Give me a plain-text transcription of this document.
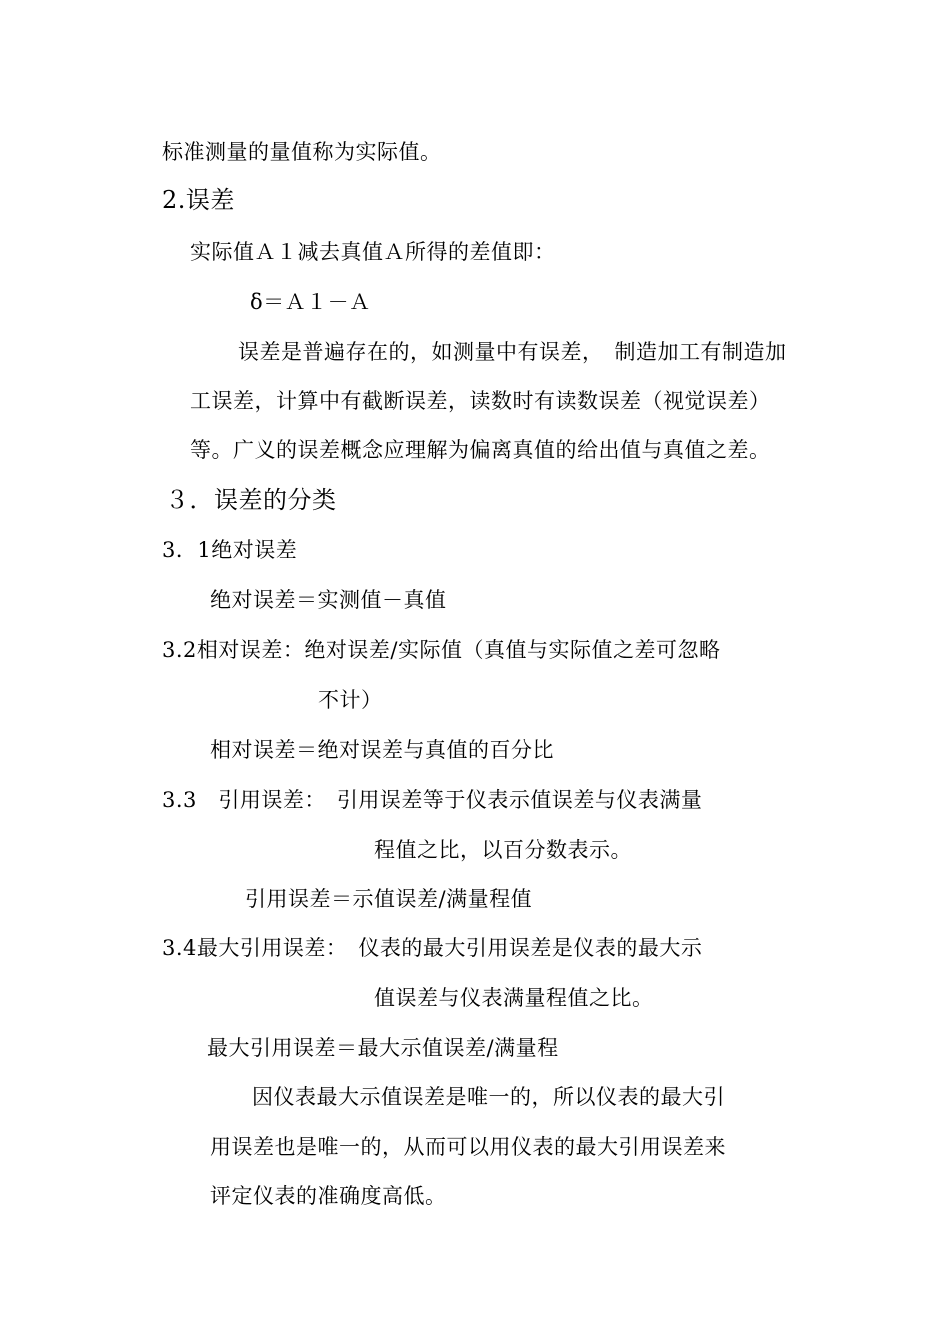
标准测量的量值称为实际值。
2.误差
实际值Ａ１减去真值Ａ所得的差值即：
δ＝Ａ１－Ａ
误差是普遍存在的，如测量中有误差，　制造加工有制造加
工误差，计算中有截断误差，读数时有读数误差（视觉误差）
等。广义的误差概念应理解为偏离真值的给出值与真值之差。
３．误差的分类
3．1绝对误差
绝对误差＝实测值－真值
3.2相对误差：绝对误差/实际值（真值与实际值之差可忽略
不计）
相对误差＝绝对误差与真值的百分比
3.3　引用误差：　引用误差等于仪表示值误差与仪表满量
程值之比，以百分数表示。
引用误差＝示值误差/满量程值
3.4最大引用误差：　仪表的最大引用误差是仪表的最大示
值误差与仪表满量程值之比。
最大引用误差＝最大示值误差/满量程
因仪表最大示值误差是唯一的，所以仪表的最大引
用误差也是唯一的，从而可以用仪表的最大引用误差来
评定仪表的准确度高低。
